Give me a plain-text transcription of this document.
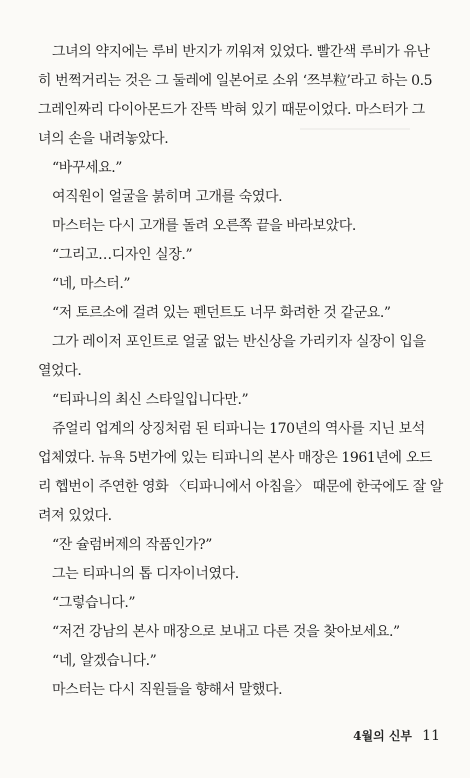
그녀의 약지에는 루비 반지가 끼워져 있었다. 빨간색 루비가 유난
히 번쩍거리는 것은 그 둘레에 일본어로 소위 ‘쯔부粒’라고 하는 0.5
그레인짜리 다이아몬드가 잔뜩 박혀 있기 때문이었다. 마스터가 그
녀의 손을 내려놓았다.
“바꾸세요.”
여직원이 얼굴을 붉히며 고개를 숙였다.
마스터는 다시 고개를 돌려 오른쪽 끝을 바라보았다.
“그리고…디자인 실장.”
“네, 마스터.”
“저 토르소에 걸려 있는 펜던트도 너무 화려한 것 같군요.”
그가 레이저 포인트로 얼굴 없는 반신상을 가리키자 실장이 입을
열었다.
“티파니의 최신 스타일입니다만.”
쥬얼리 업계의 상징처럼 된 티파니는 170년의 역사를 지닌 보석
업체였다. 뉴욕 5번가에 있는 티파니의 본사 매장은 1961년에 오드
리 헵번이 주연한 영화 〈티파니에서 아침을〉 때문에 한국에도 잘 알
려져 있었다.
“잔 슐럼버제의 작품인가?”
그는 티파니의 톱 디자이너였다.
“그렇습니다.”
“저건 강남의 본사 매장으로 보내고 다른 것을 찾아보세요.”
“네, 알겠습니다.”
마스터는 다시 직원들을 향해서 말했다.

4월의 신부 11
